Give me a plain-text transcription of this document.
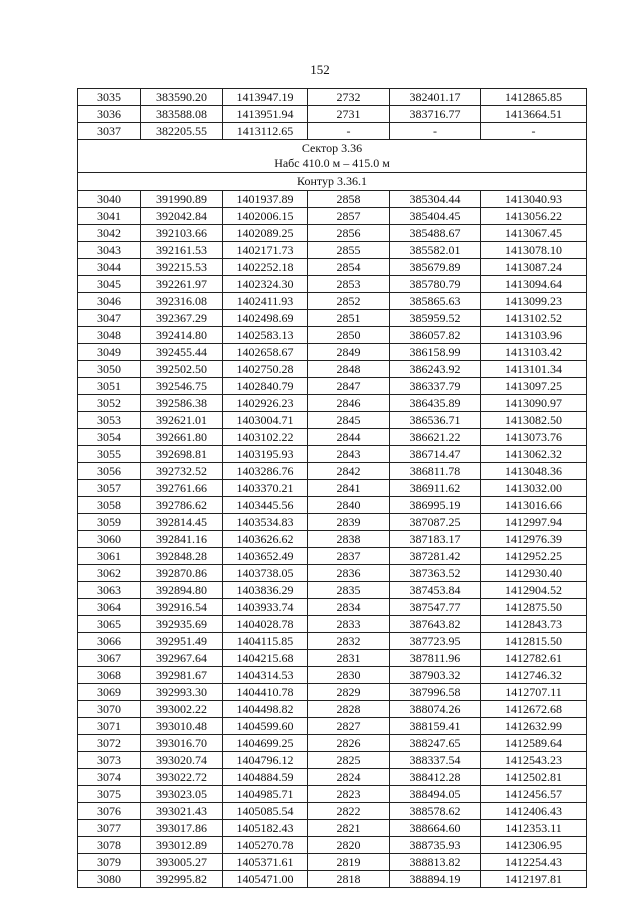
152
3035	383590.20	1413947.19	2732	382401.17	1412865.85
3036	383588.08	1413951.94	2731	383716.77	1413664.51
3037	382205.55	1413112.65	-	-	-

Сектор 3.36
Набс 410.0 м – 415.0 м					

Контур 3.36.1					
3040	391990.89	1401937.89	2858	385304.44	1413040.93
3041	392042.84	1402006.15	2857	385404.45	1413056.22
3042	392103.66	1402089.25	2856	385488.67	1413067.45
3043	392161.53	1402171.73	2855	385582.01	1413078.10
3044	392215.53	1402252.18	2854	385679.89	1413087.24
3045	392261.97	1402324.30	2853	385780.79	1413094.64
3046	392316.08	1402411.93	2852	385865.63	1413099.23
3047	392367.29	1402498.69	2851	385959.52	1413102.52
3048	392414.80	1402583.13	2850	386057.82	1413103.96
3049	392455.44	1402658.67	2849	386158.99	1413103.42
3050	392502.50	1402750.28	2848	386243.92	1413101.34
3051	392546.75	1402840.79	2847	386337.79	1413097.25
3052	392586.38	1402926.23	2846	386435.89	1413090.97
3053	392621.01	1403004.71	2845	386536.71	1413082.50
3054	392661.80	1403102.22	2844	386621.22	1413073.76
3055	392698.81	1403195.93	2843	386714.47	1413062.32
3056	392732.52	1403286.76	2842	386811.78	1413048.36
3057	392761.66	1403370.21	2841	386911.62	1413032.00
3058	392786.62	1403445.56	2840	386995.19	1413016.66
3059	392814.45	1403534.83	2839	387087.25	1412997.94
3060	392841.16	1403626.62	2838	387183.17	1412976.39
3061	392848.28	1403652.49	2837	387281.42	1412952.25
3062	392870.86	1403738.05	2836	387363.52	1412930.40
3063	392894.80	1403836.29	2835	387453.84	1412904.52
3064	392916.54	1403933.74	2834	387547.77	1412875.50
3065	392935.69	1404028.78	2833	387643.82	1412843.73
3066	392951.49	1404115.85	2832	387723.95	1412815.50
3067	392967.64	1404215.68	2831	387811.96	1412782.61
3068	392981.67	1404314.53	2830	387903.32	1412746.32
3069	392993.30	1404410.78	2829	387996.58	1412707.11
3070	393002.22	1404498.82	2828	388074.26	1412672.68
3071	393010.48	1404599.60	2827	388159.41	1412632.99
3072	393016.70	1404699.25	2826	388247.65	1412589.64
3073	393020.74	1404796.12	2825	388337.54	1412543.23
3074	393022.72	1404884.59	2824	388412.28	1412502.81
3075	393023.05	1404985.71	2823	388494.05	1412456.57
3076	393021.43	1405085.54	2822	388578.62	1412406.43
3077	393017.86	1405182.43	2821	388664.60	1412353.11
3078	393012.89	1405270.78	2820	388735.93	1412306.95
3079	393005.27	1405371.61	2819	388813.82	1412254.43
3080	392995.82	1405471.00	2818	388894.19	1412197.81
